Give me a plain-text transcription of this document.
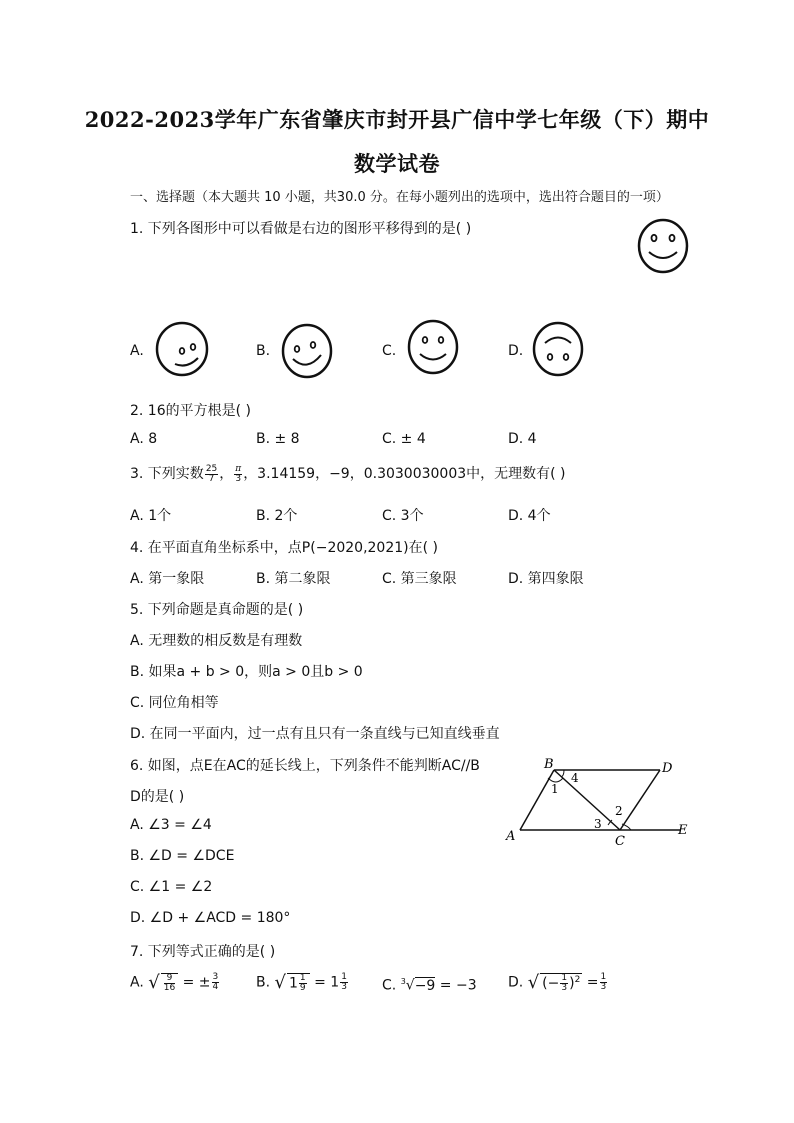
2022-2023学年广东省肇庆市封开县广信中学七年级（下）期中
数学试卷
一、选择题（本大题共 10 小题，共30.0 分。在每小题列出的选项中，选出符合题目的一项）
1. 下列各图形中可以看做是右边的图形平移得到的是( )
A.	B.	C.	D.
2. 16的平方根是( )
A. 8	B. ± 8	C. ± 4	D. 4
3. 下列实数 $\frac{25}{7}$ ， $\frac{\pi}{3}$ ，3.14159，−9，0.3030030003中，无理数有( )
A. 1个	B. 2个	C. 3个	D. 4个
4. 在平面直角坐标系中，点P(−2020,2021)在( )
A. 第一象限	B. 第二象限	C. 第三象限	D. 第四象限
5. 下列命题是真命题的是( )
A. 无理数的相反数是有理数
B. 如果a + b > 0，则a > 0且b > 0
C. 同位角相等
D. 在同一平面内，过一点有且只有一条直线与已知直线垂直
6. 如图，点E在AC的延长线上，下列条件不能判断AC//B
D的是( )
A. ∠3 = ∠4
B. ∠D = ∠DCE
C. ∠1 = ∠2
D. ∠D + ∠ACD = 180°
B	D
A	C
E
1
2
3
4
7. 下列等式正确的是( )
A. √ $\frac{9}{16}$ = ± $\frac{3}{4}$	B. √ $1 \frac{1}{9} = 1 \frac{1}{3} C$. $^3$√−9 = −3 D. √ (− $\frac{1}{3} )^2 = \frac{1}{3}$
